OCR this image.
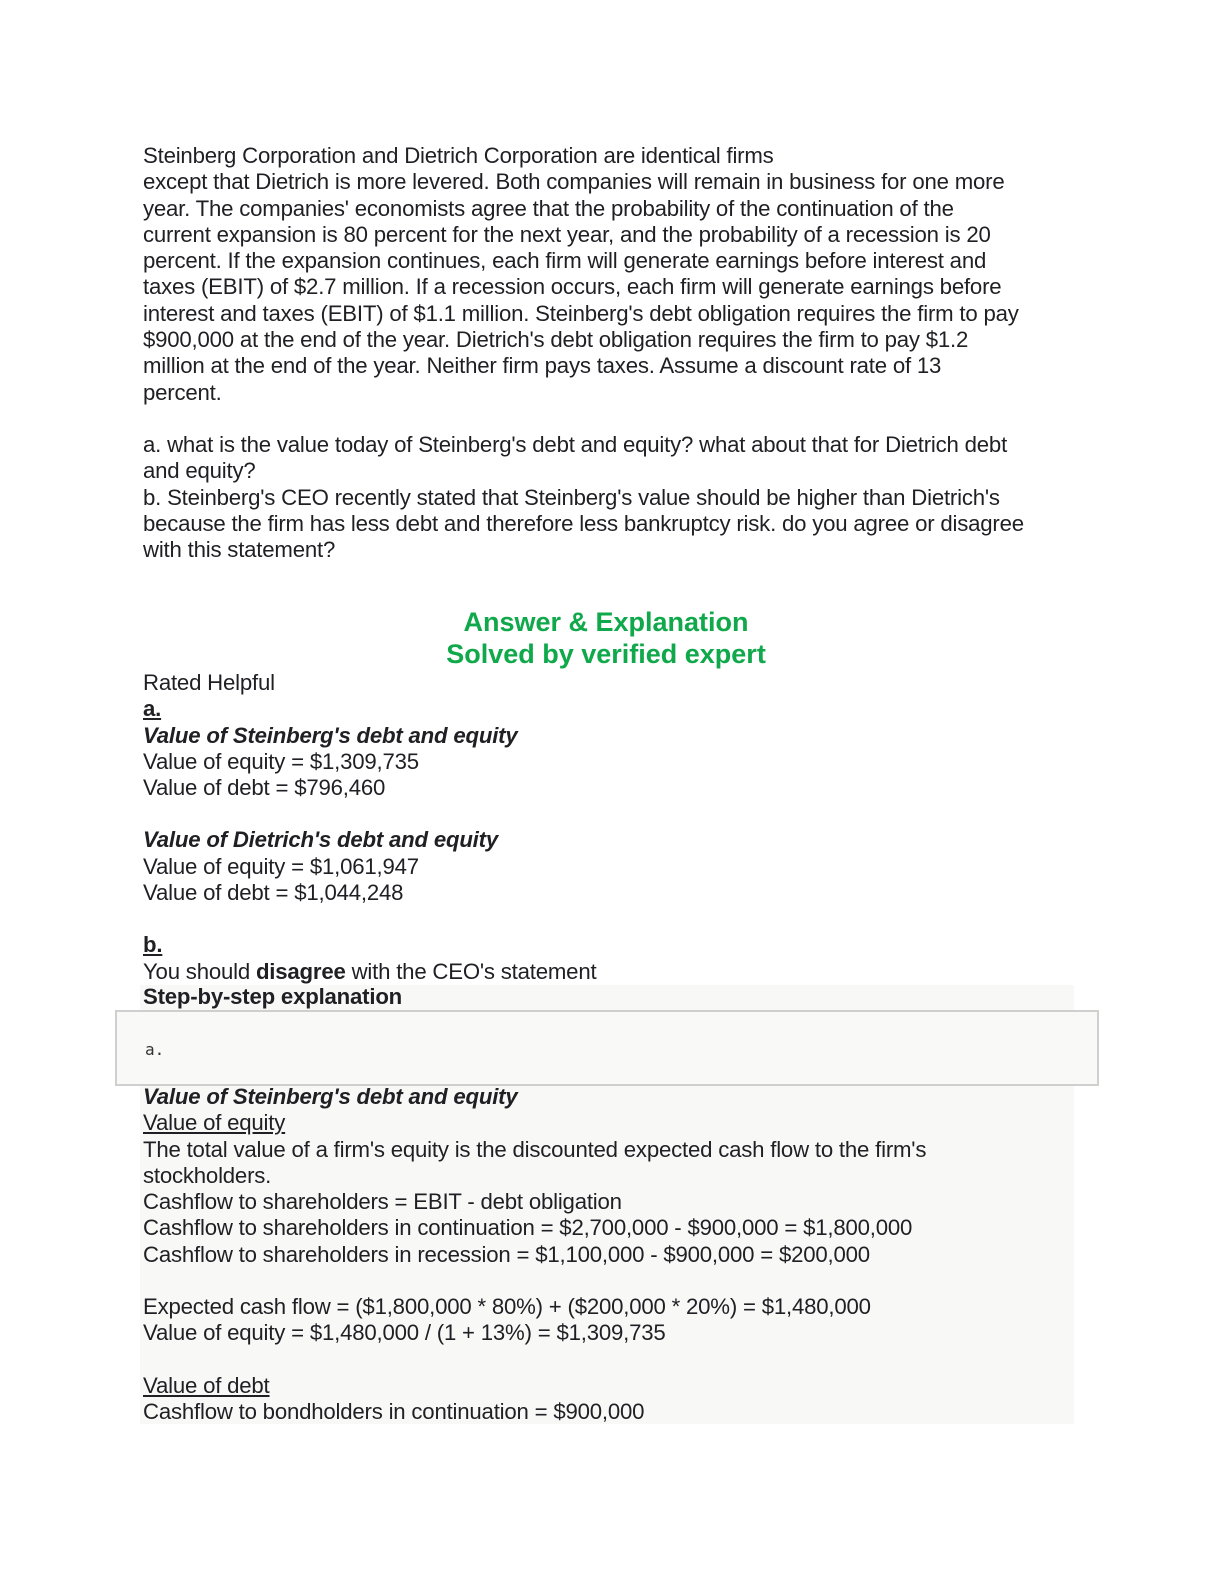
Steinberg Corporation and Dietrich Corporation are identical firms
except that Dietrich is more levered. Both companies will remain in business for one more
year. The companies' economists agree that the probability of the continuation of the
current expansion is 80 percent for the next year, and the probability of a recession is 20
percent. If the expansion continues, each firm will generate earnings before interest and
taxes (EBIT) of $2.7 million. If a recession occurs, each firm will generate earnings before
interest and taxes (EBIT) of $1.1 million. Steinberg's debt obligation requires the firm to pay
$900,000 at the end of the year. Dietrich's debt obligation requires the firm to pay $1.2
million at the end of the year. Neither firm pays taxes. Assume a discount rate of 13
percent.
a. what is the value today of Steinberg's debt and equity? what about that for Dietrich debt
and equity?
b. Steinberg's CEO recently stated that Steinberg's value should be higher than Dietrich's
because the firm has less debt and therefore less bankruptcy risk. do you agree or disagree
with this statement?
Answer & Explanation
Solved by verified expert
Rated Helpful
a.
Value of Steinberg's debt and equity
Value of equity = $1,309,735
Value of debt = $796,460
Value of Dietrich's debt and equity
Value of equity = $1,061,947
Value of debt = $1,044,248
b.
You should disagree with the CEO's statement
Step-by-step explanation
a.
Value of Steinberg's debt and equity
Value of equity
The total value of a firm's equity is the discounted expected cash flow to the firm's stockholders.
Cashflow to shareholders = EBIT - debt obligation
Cashflow to shareholders in continuation = $2,700,000 - $900,000 = $1,800,000
Cashflow to shareholders in recession = $1,100,000 - $900,000 = $200,000
Expected cash flow = ($1,800,000 * 80%) + ($200,000 * 20%) = $1,480,000
Value of equity = $1,480,000 / (1 + 13%) = $1,309,735
Value of debt
Cashflow to bondholders in continuation = $900,000
